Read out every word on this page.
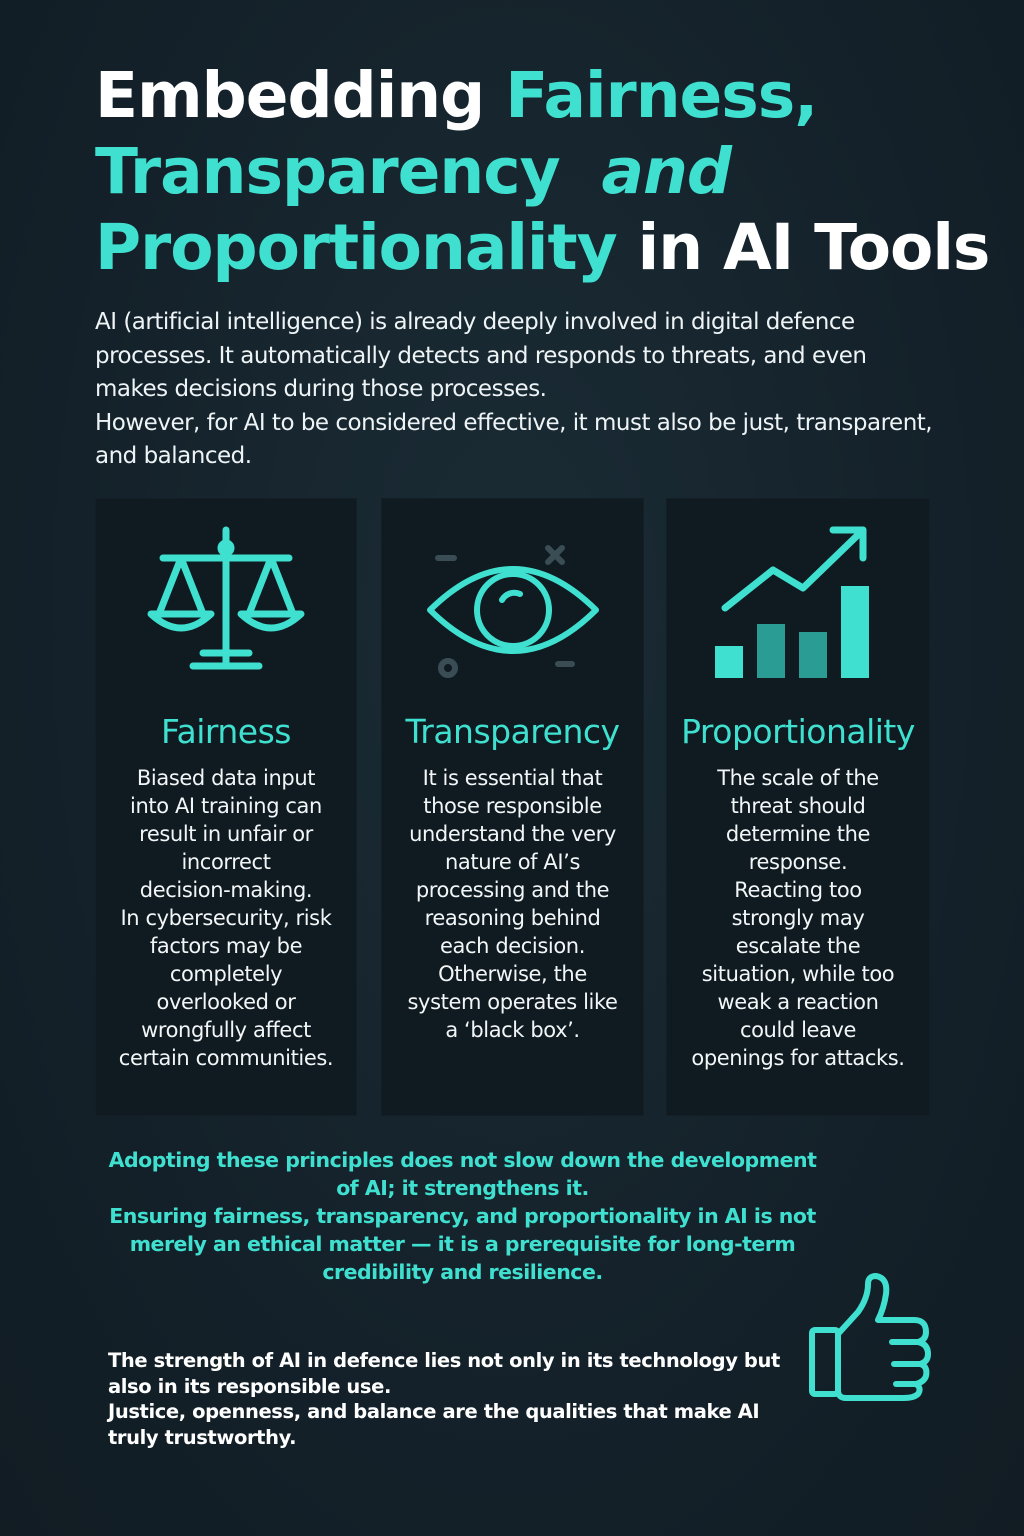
Embedding Fairness,
Transparency  and
Proportionality in AI Tools

AI (artificial intelligence) is already deeply involved in digital defence processes. It automatically detects and responds to threats, and even makes decisions during those processes.

However, for AI to be considered effective, it must also be just, transparent, and balanced.

Fairness

Biased data input
into AI training can
result in unfair or
incorrect
decision-making.
In cybersecurity, risk
factors may be
completely
overlooked or
wrongfully affect
certain communities.

Transparency

It is essential that
those responsible
understand the very
nature of AI’s
processing and the
reasoning behind
each decision.
Otherwise, the
system operates like
a ‘black box’.

Proportionality

The scale of the
threat should
determine the
response.
Reacting too
strongly may
escalate the
situation, while too
weak a reaction
could leave
openings for attacks.

Adopting these principles does not slow down the development
of AI; it strengthens it.
Ensuring fairness, transparency, and proportionality in AI is not
merely an ethical matter — it is a prerequisite for long-term
credibility and resilience.

The strength of AI in defence lies not only in its technology but
also in its responsible use.
Justice, openness, and balance are the qualities that make AI
truly trustworthy.
